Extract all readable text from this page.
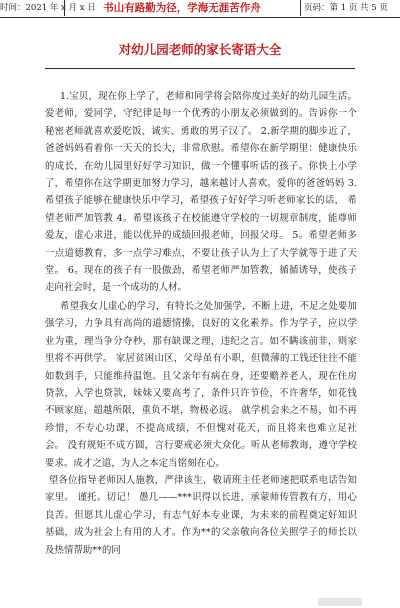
时间：2021 年 x 月 x 日 书山有路勤为径，学海无涯苦作舟	页码：第 1 页 共 5 页
对幼儿园老师的家长寄语大全

1.宝贝，现在你上学了，老师和同学将会陪你度过美好的幼儿园生活。爱老师，爱同学，守纪律是每一个优秀的小朋友必须做到的。告诉你一个秘密老师就喜欢爱吃饭、诚实、勇敢的男子汉了。 2.新学期的脚步近了，爸爸妈妈看着你一天天的长大，非常欣慰。希望你在新学期里：健康快乐的成长，在幼儿园里好好学习知识，做一个懂事听话的孩子。你快上小学了，希望你在这学期更加努力学习，越来越讨人喜欢。爱你的爸爸妈妈 3.希望孩子能够在健康快乐中学习，希望孩子好好学习听老师家长的话， 希望老师严加管教 4。希望该孩子在校能遵守学校的一切规章制度，能尊师爱友，虚心求进，能以优异的成绩回报老师，回报父母。 5。希望老师多一点道德教育，多一点学习难点，不要让孩子认为上了大学就等于进了天堂。 6。现在的孩子有一股傲劲，希望老师严加管教，循循诱导，使孩子走向社会时，是一个成功的人材。

希望我女儿虚心的学习，有特长之处加强学，不断上进，不足之处要加强学习，力争具有高尚的道德情操，良好的文化素养。作为学子，应以学业为重，理当争分夺秒，那有缺课之理，违纪之言。如不瞒该前非，则家里将不再供学。 家居贫困山区，父母虽有小职，但微薄的工钱还往往不能如数到手，只能维持温饱。且父亲年有病在身，还要赡养老人，现在住房贷款，入学也贷款，妹妹又要高考了，条件只许节俭，不许奢华，如花钱不顾家庭，超越所限，重负不堪，物极必返。 就学机会来之不易，如不再珍惜，不专心功课，不提高成绩，不但愧对花天，而且将来也难立足社会。 没有规矩不成方圆，言行要戒必须大众化。听从老师教诲，遵守学校要求。成才之道，为人之本定当铭刻在心。

望各位指导老师因人施教，严律该生，敬请班主任老师速把联系电话告知家里。 谨托。切记！ 愚几——***识得以长进，承蒙师传管教有方，用心良苦。但愿其儿虚心学习，有志气好本专业课，为未来的前程奠定好知识基础，成为社会上有用的人才。作为**的父亲敬向各位关照学子的师长以及热情帮助**的同
